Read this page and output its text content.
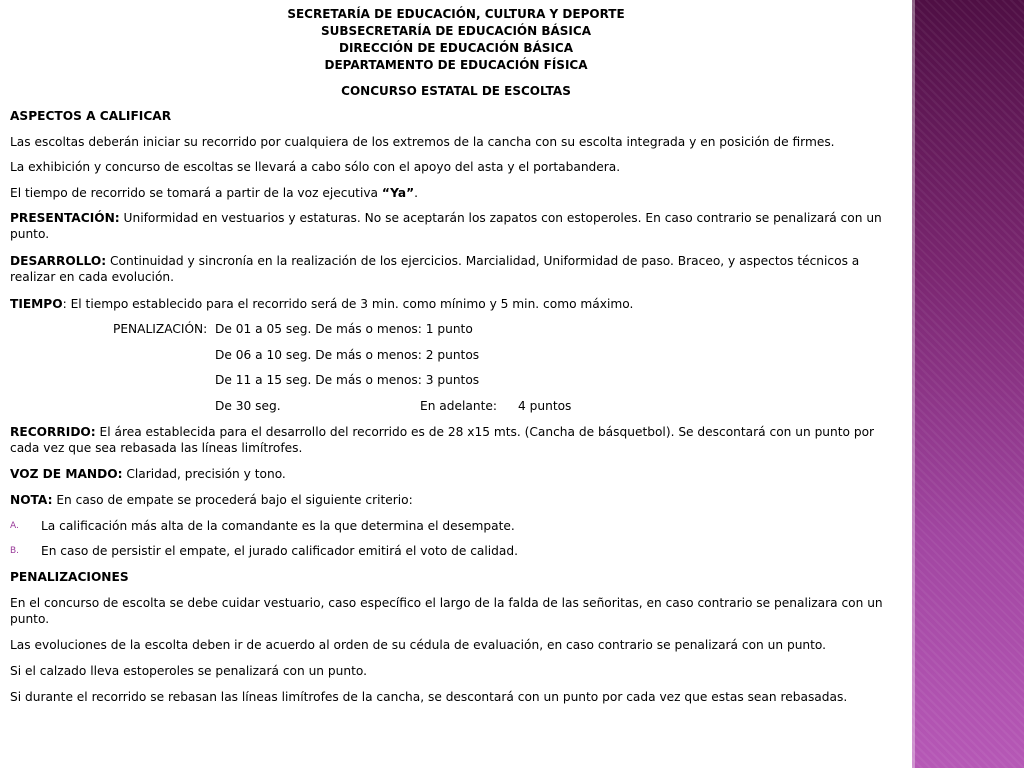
SECRETARÍA DE EDUCACIÓN, CULTURA Y DEPORTE
SUBSECRETARÍA DE EDUCACIÓN BÁSICA
DIRECCIÓN DE EDUCACIÓN BÁSICA
DEPARTAMENTO DE EDUCACIÓN FÍSICA
CONCURSO ESTATAL DE ESCOLTAS
ASPECTOS A CALIFICAR
Las escoltas deberán iniciar su recorrido por cualquiera de los extremos de la cancha con su escolta integrada y en posición de firmes.
La exhibición y concurso de escoltas se llevará a cabo sólo con el apoyo del asta y el portabandera.
El tiempo de recorrido se tomará a partir de la voz ejecutiva “Ya”.
PRESENTACIÓN: Uniformidad en vestuarios y estaturas. No se aceptarán los zapatos con estoperoles. En caso contrario se penalizará con un punto.
DESARROLLO: Continuidad y sincronía en la realización de los ejercicios. Marcialidad, Uniformidad de paso. Braceo, y aspectos técnicos a realizar en cada evolución.
TIEMPO: El tiempo establecido para el recorrido será de 3 min. como mínimo y 5 min. como máximo.
PENALIZACIÓN: De 01 a 05 seg. De más o menos: 1 punto
De 06 a 10 seg. De más o menos: 2 puntos
De 11 a 15 seg. De más o menos: 3 puntos
De 30 seg.	En adelante: 4 puntos
RECORRIDO: El área establecida para el desarrollo del recorrido es de 28 x15 mts. (Cancha de básquetbol). Se descontará con un punto por cada vez que sea rebasada las líneas limítrofes.
VOZ DE MANDO: Claridad, precisión y tono.
NOTA: En caso de empate se procederá bajo el siguiente criterio:
A. La calificación más alta de la comandante es la que determina el desempate.
B. En caso de persistir el empate, el jurado calificador emitirá el voto de calidad.
PENALIZACIONES
En el concurso de escolta se debe cuidar vestuario, caso específico el largo de la falda de las señoritas, en caso contrario se penalizara con un punto.
Las evoluciones de la escolta deben ir de acuerdo al orden de su cédula de evaluación, en caso contrario se penalizará con un punto.
Si el calzado lleva estoperoles se penalizará con un punto.
Si durante el recorrido se rebasan las líneas limítrofes de la cancha, se descontará con un punto por cada vez que estas sean rebasadas.
